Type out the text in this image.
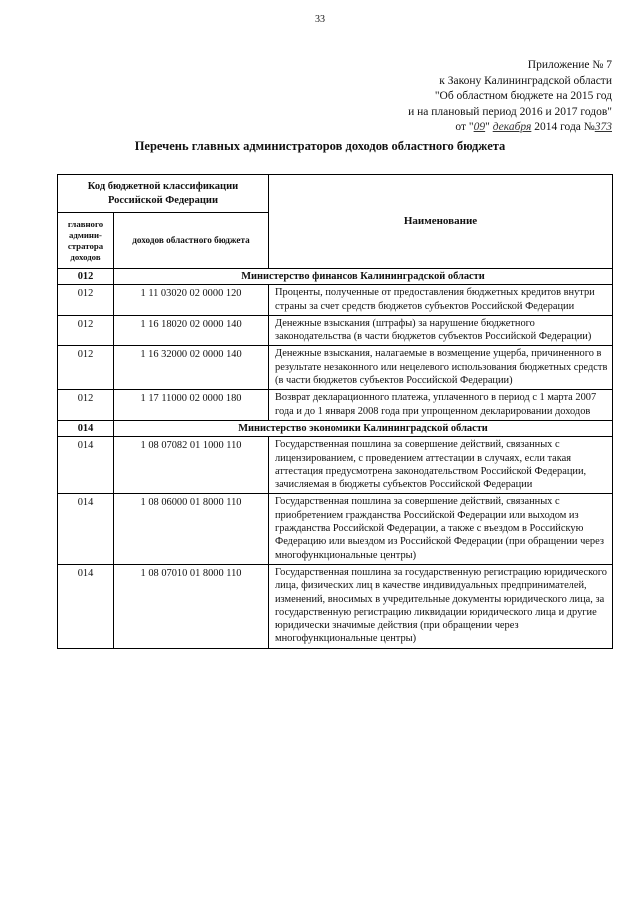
33
Приложение № 7
к Закону Калининградской области
"Об областном бюджете на 2015 год
и на плановый период 2016 и 2017 годов"
от "09" декабря 2014 года №373
Перечень главных администраторов доходов областного бюджета
Код бюджетной классификации Российской Федерации		Наименование
главного админи-стратора доходов	доходов областного бюджета	
012	Министерство финансов Калининградской области	
012	1 11 03020 02 0000 120	Проценты, полученные от предоставления бюджетных кредитов внутри страны за счет средств бюджетов субъектов Российской Федерации
012	1 16 18020 02 0000 140	Денежные взыскания (штрафы) за нарушение бюджетного законодательства (в части бюджетов субъектов Российской Федерации)
012	1 16 32000 02 0000 140	Денежные взыскания, налагаемые в возмещение ущерба, причиненного в результате незаконного или нецелевого использования бюджетных средств (в части бюджетов субъектов Российской Федерации)
012	1 17 11000 02 0000 180	Возврат декларационного платежа, уплаченного в период с 1 марта 2007 года и до 1 января 2008 года при упрощенном декларировании доходов
014	Министерство экономики Калининградской области	
014	1 08 07082 01 1000 110	Государственная пошлина за совершение действий, связанных с лицензированием, с проведением аттестации в случаях, если такая аттестация предусмотрена законодательством Российской Федерации, зачисляемая в бюджеты субъектов Российской Федерации
014	1 08 06000 01 8000 110	Государственная пошлина за совершение действий, связанных с приобретением гражданства Российской Федерации или выходом из гражданства Российской Федерации, а также с въездом в Российскую Федерацию или выездом из Российской Федерации (при обращении через многофункциональные центры)
014	1 08 07010 01 8000 110	Государственная пошлина за государственную регистрацию юридического лица, физических лиц в качестве индивидуальных предпринимателей, изменений, вносимых в учредительные документы юридического лица, за государственную регистрацию ликвидации юридического лица и другие юридически значимые действия (при обращении через многофункциональные центры)
